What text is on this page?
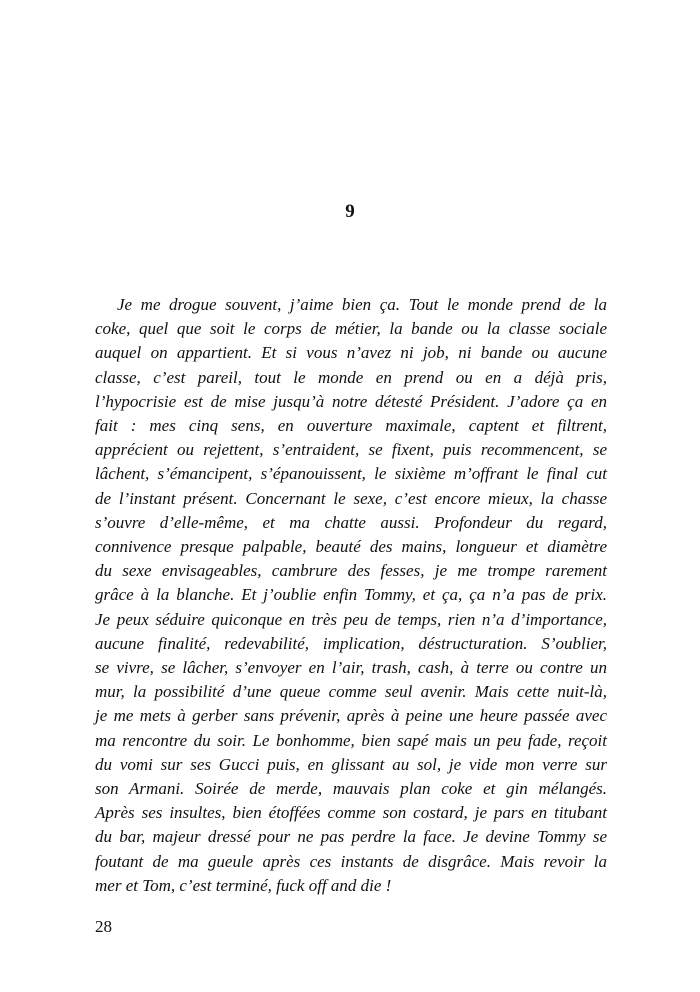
9
Je me drogue souvent, j’aime bien ça. Tout le monde prend de la
coke, quel que soit le corps de métier, la bande ou la classe sociale
auquel on appartient. Et si vous n’avez ni job, ni bande ou aucune
classe, c’est pareil, tout le monde en prend ou en a déjà pris,
l’hypocrisie est de mise jusqu’à notre détesté Président. J’adore ça en
fait : mes cinq sens, en ouverture maximale, captent et filtrent,
apprécient ou rejettent, s’entraident, se fixent, puis recommencent, se
lâchent, s’émancipent, s’épanouissent, le sixième m’offrant le final cut
de l’instant présent. Concernant le sexe, c’est encore mieux, la chasse
s’ouvre d’elle-même, et ma chatte aussi. Profondeur du regard,
connivence presque palpable, beauté des mains, longueur et diamètre
du sexe envisageables, cambrure des fesses, je me trompe rarement
grâce à la blanche. Et j’oublie enfin Tommy, et ça, ça n’a pas de prix.
Je peux séduire quiconque en très peu de temps, rien n’a d’importance,
aucune finalité, redevabilité, implication, déstructuration. S’oublier,
se vivre, se lâcher, s’envoyer en l’air, trash, cash, à terre ou contre un
mur, la possibilité d’une queue comme seul avenir. Mais cette nuit-là,
je me mets à gerber sans prévenir, après à peine une heure passée avec
ma rencontre du soir. Le bonhomme, bien sapé mais un peu fade, reçoit
du vomi sur ses Gucci puis, en glissant au sol, je vide mon verre sur
son Armani. Soirée de merde, mauvais plan coke et gin mélangés.
Après ses insultes, bien étoffées comme son costard, je pars en titubant
du bar, majeur dressé pour ne pas perdre la face. Je devine Tommy se
foutant de ma gueule après ces instants de disgrâce. Mais revoir la
mer et Tom, c’est terminé, fuck off and die !
28
